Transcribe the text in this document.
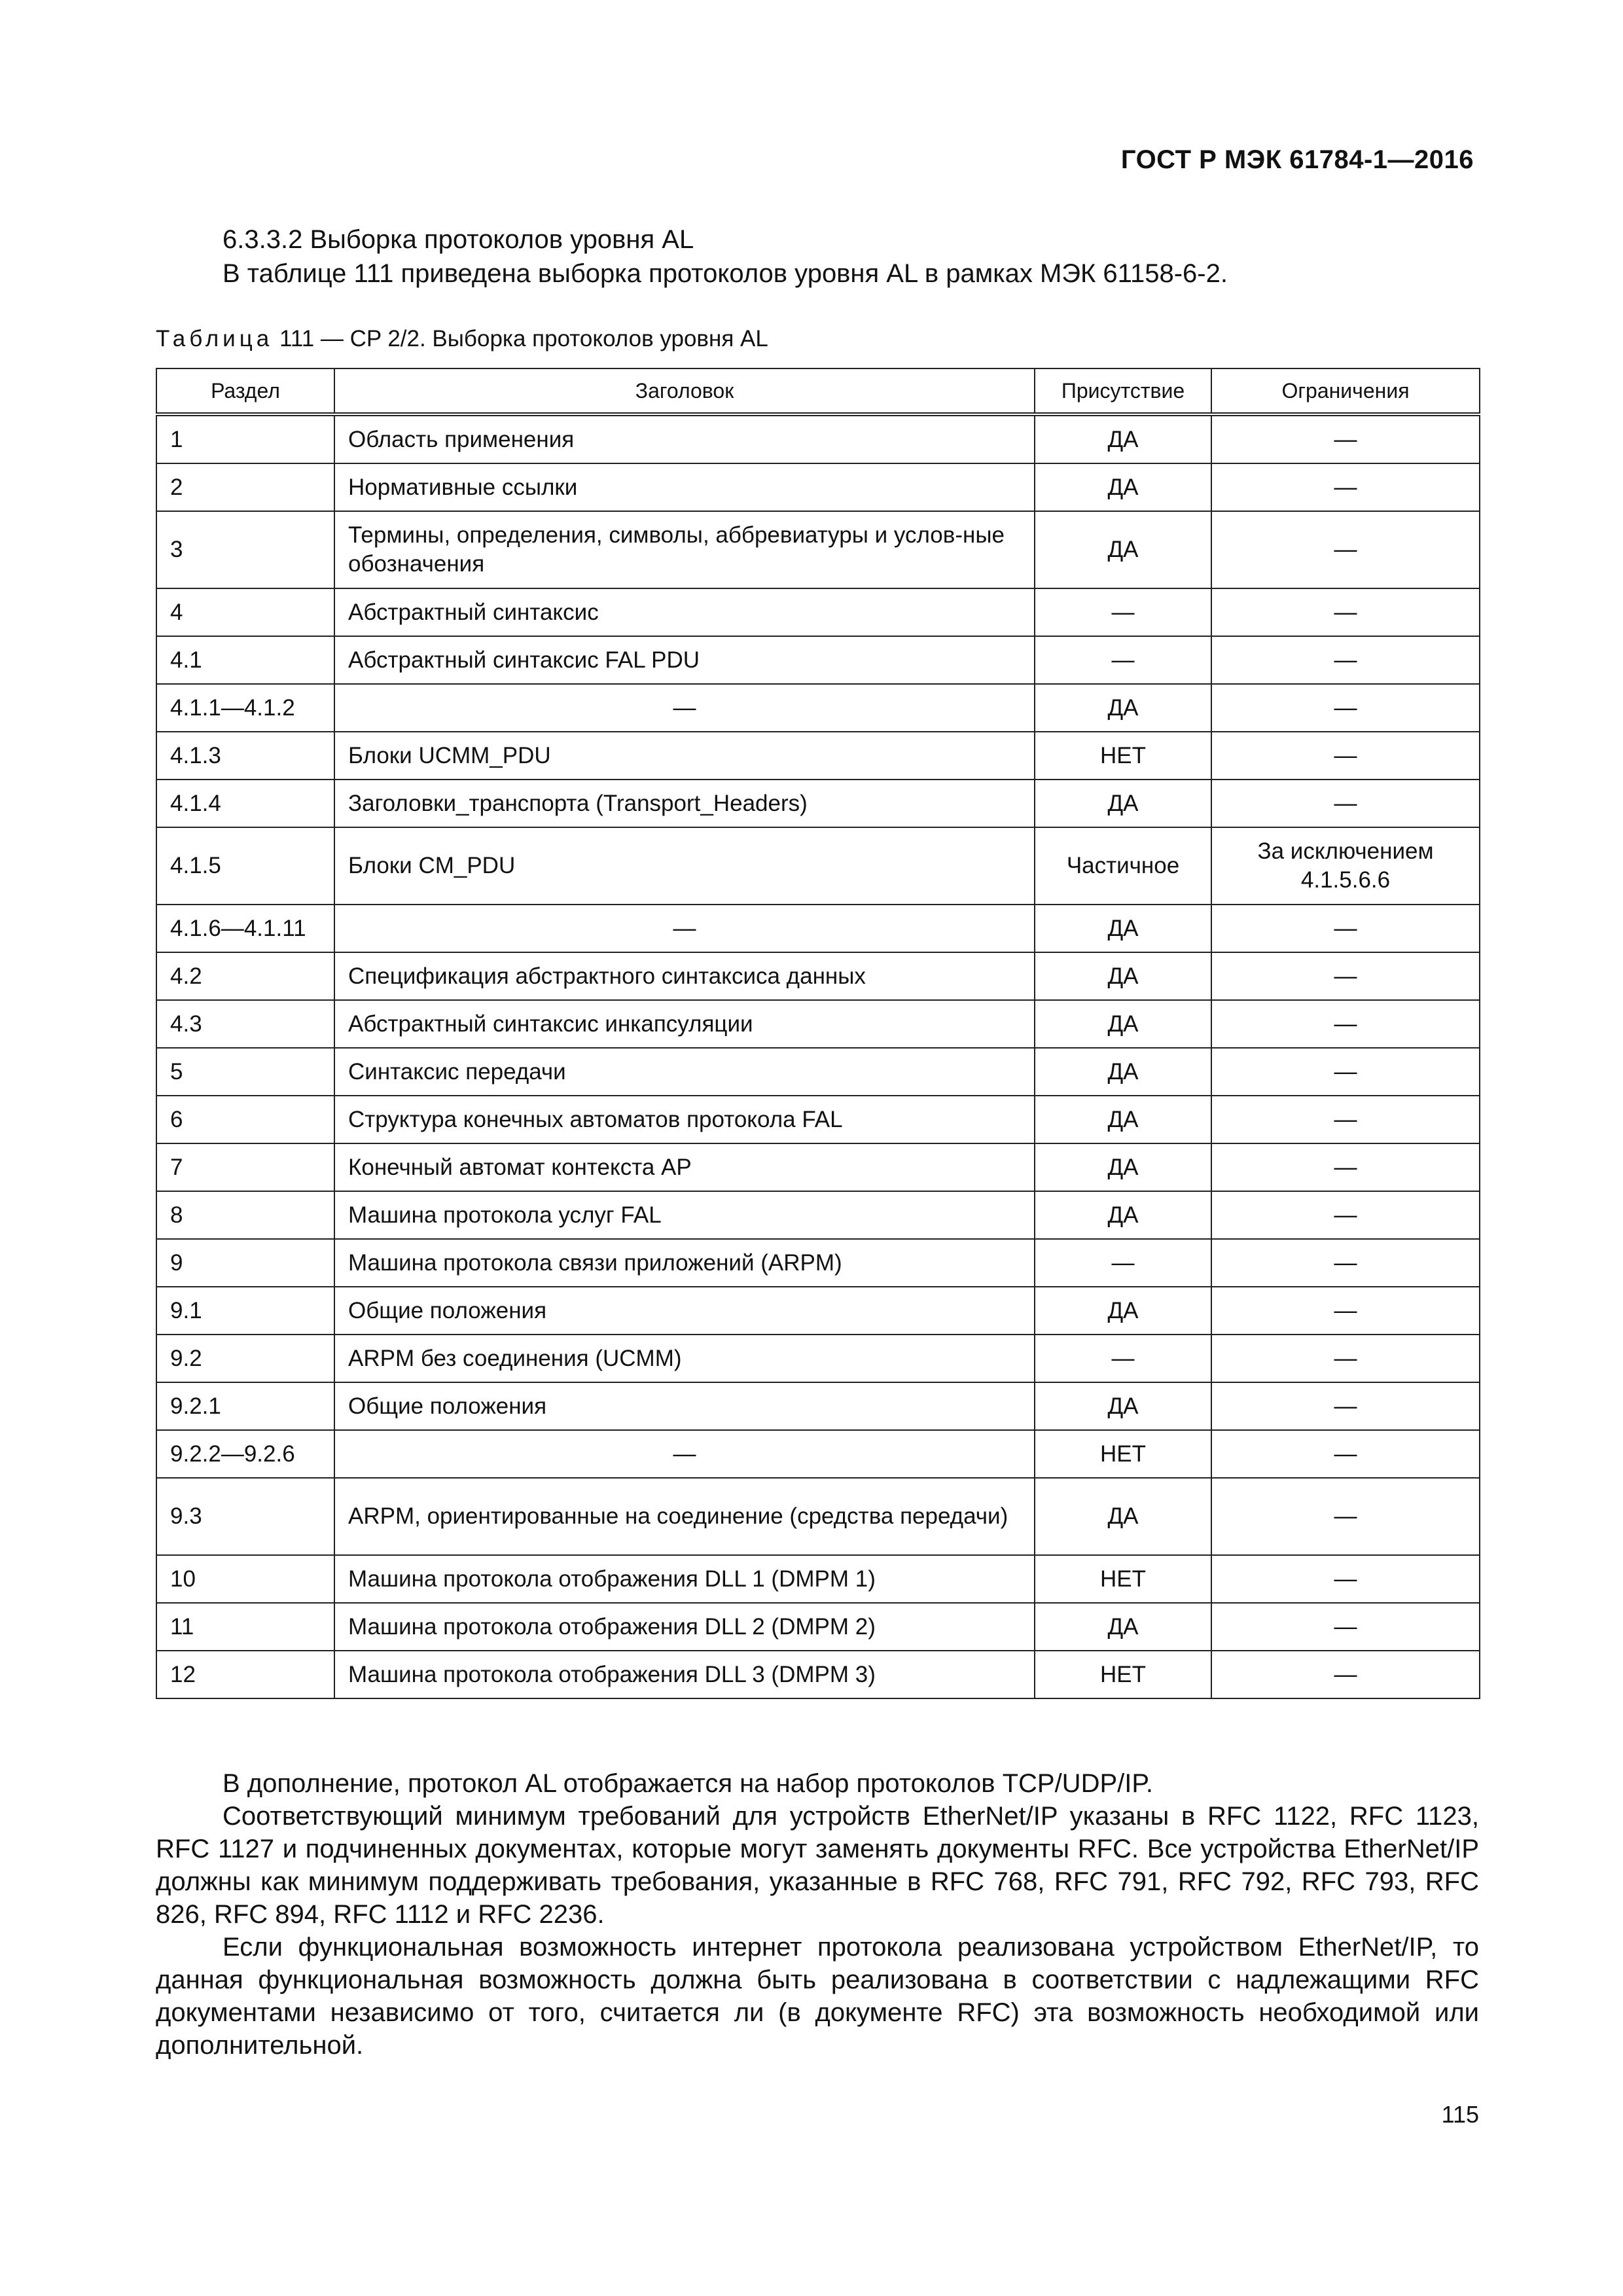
ГОСТ Р МЭК 61784-1—2016
6.3.3.2 Выборка протоколов уровня AL
В таблице 111 приведена выборка протоколов уровня AL в рамках МЭК 61158-6-2.
Таблица 111 — CP 2/2. Выборка протоколов уровня AL
Раздел	Заголовок	Присутствие	Ограничения
1	Область применения	ДА	—
2	Нормативные ссылки	ДА	—
3	Термины, определения, символы, аббревиатуры и услов-ные обозначения	ДА	—
4	Абстрактный синтаксис	—	—
4.1	Абстрактный синтаксис FAL PDU	—	—
4.1.1—4.1.2	—	ДА	—
4.1.3	Блоки UCMM_PDU	НЕТ	—
4.1.4	Заголовки_транспорта (Transport_Headers)	ДА	—
4.1.5	Блоки CM_PDU	Частичное	За исключением 4.1.5.6.6
4.1.6—4.1.11	—	ДА	—
4.2	Спецификация абстрактного синтаксиса данных	ДА	—
4.3	Абстрактный синтаксис инкапсуляции	ДА	—
5	Синтаксис передачи	ДА	—
6	Структура конечных автоматов протокола FAL	ДА	—
7	Конечный автомат контекста AP	ДА	—
8	Машина протокола услуг FAL	ДА	—
9	Машина протокола связи приложений (ARPM)	—	—
9.1	Общие положения	ДА	—
9.2	ARPM без соединения (UCMM)	—	—
9.2.1	Общие положения	ДА	—
9.2.2—9.2.6	—	НЕТ	—
9.3	ARPM, ориентированные на соединение (средства передачи)	ДА	—
10	Машина протокола отображения DLL 1 (DMPM 1)	НЕТ	—
11	Машина протокола отображения DLL 2 (DMPM 2)	ДА	—
12	Машина протокола отображения DLL 3 (DMPM 3)	НЕТ	—

В дополнение, протокол AL отображается на набор протоколов TCP/UDP/IP.

Соответствующий минимум требований для устройств EtherNet/IP указаны в RFC 1122, RFC 1123, RFC 1127 и подчиненных документах, которые могут заменять документы RFC. Все устройства EtherNet/IP должны как минимум поддерживать требования, указанные в RFC 768, RFC 791, RFC 792, RFC 793, RFC 826, RFC 894, RFC 1112 и RFC 2236.

Если функциональная возможность интернет протокола реализована устройством EtherNet/IP, то данная функциональная возможность должна быть реализована в соответствии с надлежащими RFC документами независимо от того, считается ли (в документе RFC) эта возможность необходимой или дополнительной.

115
